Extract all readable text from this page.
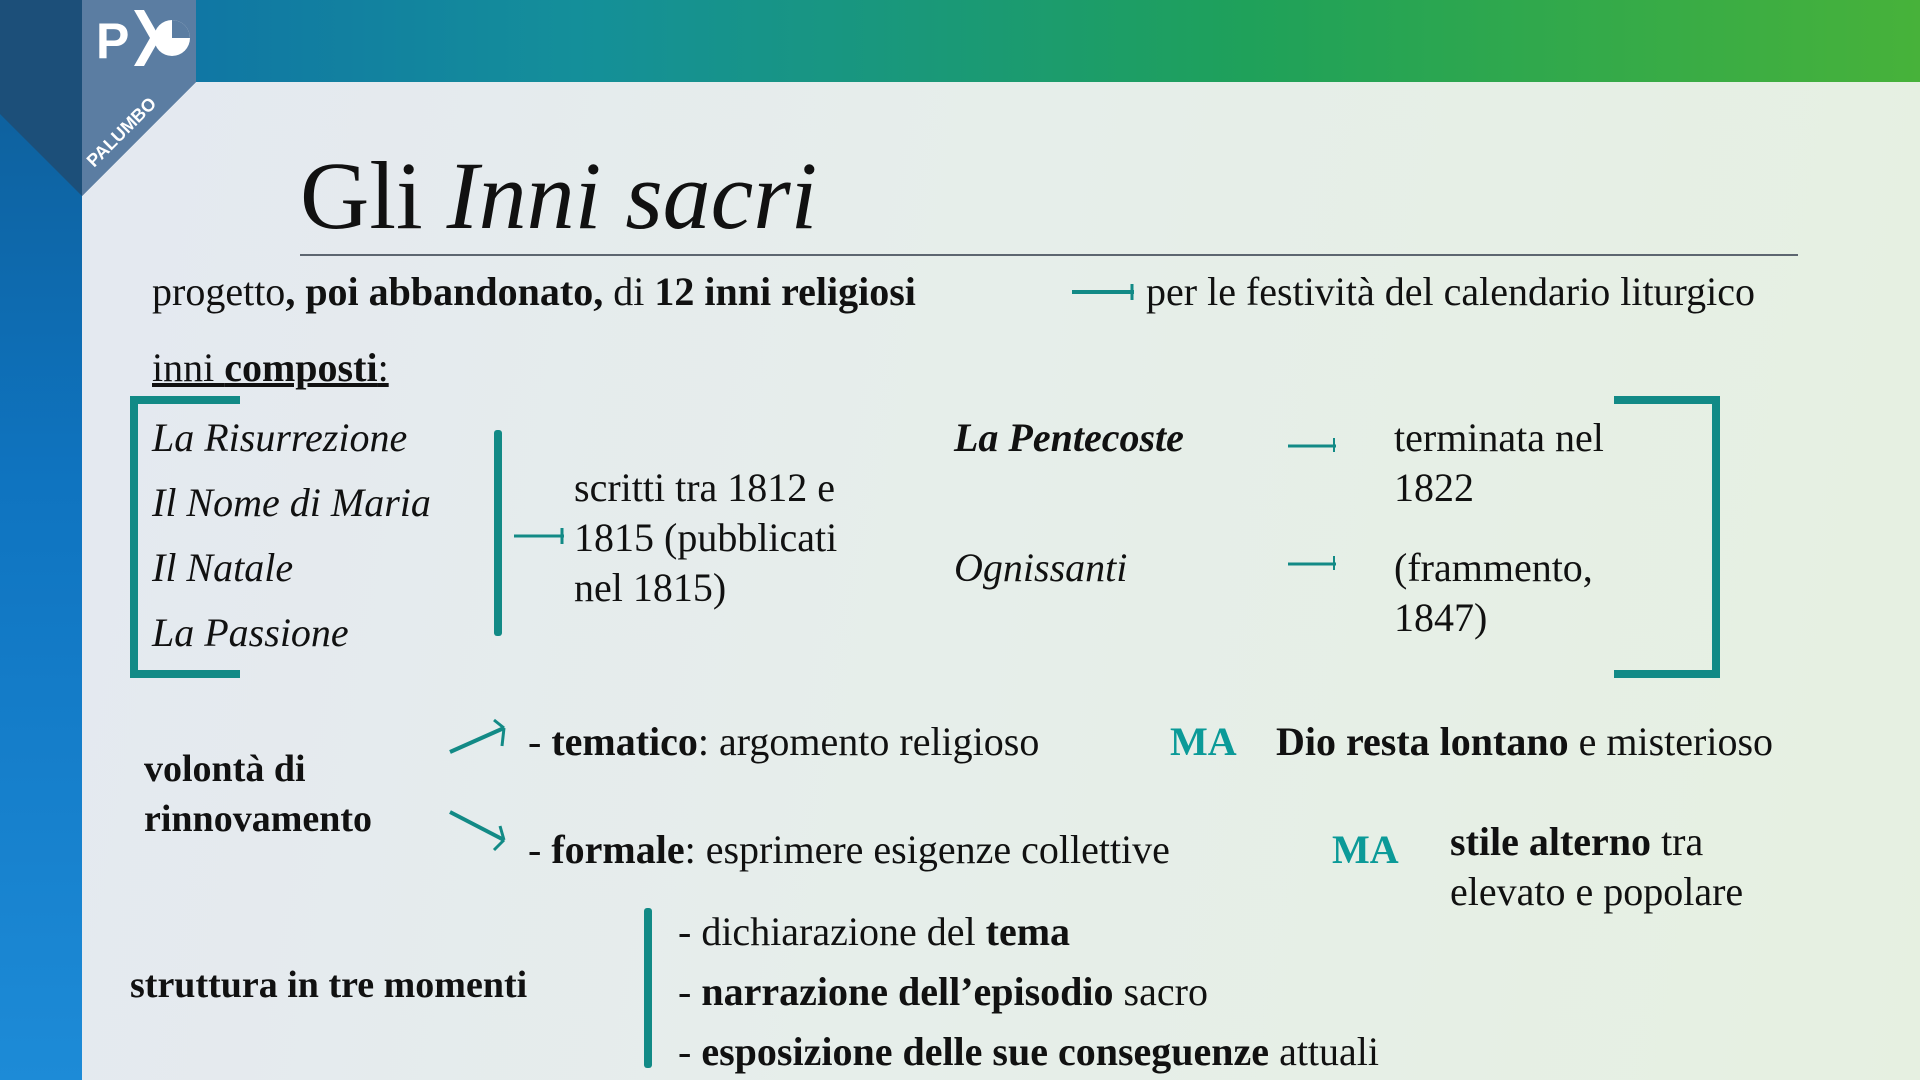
P
PALUMBO
Gli Inni sacri
progetto, poi abbandonato, di 12 inni religiosi	per le festività del calendario liturgico
inni composti:
La Risurrezione
Il Nome di Maria
Il Natale
La Passione
scritti tra 1812 e
1815 (pubblicati
nel 1815)
La Pentecoste	terminata nel
1822
Ognissanti	(frammento,
1847)
volontà di
rinnovamento
- tematico: argomento religioso	MA Dio resta lontano e misterioso
- formale: esprimere esigenze collettive	MA stile alterno tra
elevato e popolare
struttura in tre momenti
- dichiarazione del tema
- narrazione dell’episodio sacro
- esposizione delle sue conseguenze attuali
